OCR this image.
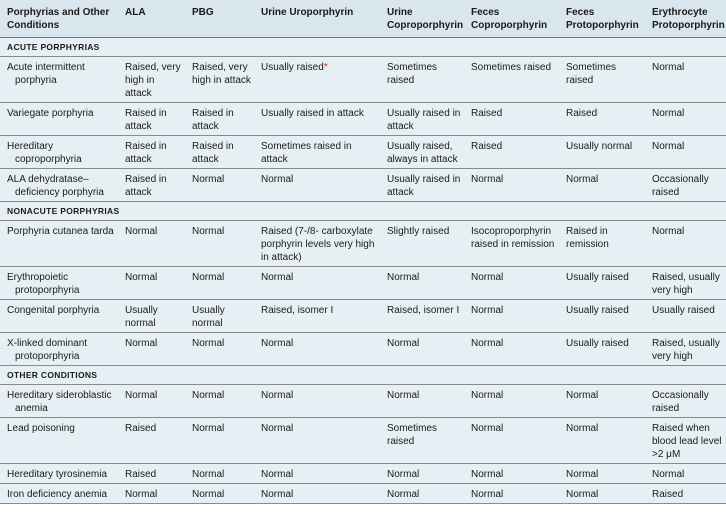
Porphyrias and Other Conditions	ALA	PBG	Urine Uroporphyrin	Urine Coproporphyrin	Feces Coproporphyrin	Feces Protoporphyrin	Erythrocyte Protoporphyrin
ACUTE PORPHYRIAS							

Acute intermittent porphyria	Raised, very high in attack	Raised, very high in attack	Usually raised*	Sometimes raised	Sometimes raised	Sometimes raised	Normal

Variegate porphyria	Raised in attack	Raised in attack	Usually raised in attack	Usually raised in attack	Raised	Raised	Normal

Hereditary coproporphyria	Raised in attack	Raised in attack	Sometimes raised in attack	Usually raised, always in attack	Raised	Usually normal	Normal

ALA dehydratase–deficiency porphyria	Raised in attack	Normal	Normal	Usually raised in attack	Normal	Normal	Occasionally raised
NONACUTE PORPHYRIAS							

Porphyria cutanea tarda	Normal	Normal	Raised (7-/8- carboxylate porphyrin levels very high in attack)	Slightly raised	Isocoproporphyrin raised in remission	Raised in remission	Normal

Erythropoietic protoporphyria	Normal	Normal	Normal	Normal	Normal	Usually raised	Raised, usually very high

Congenital porphyria	Usually normal	Usually normal	Raised, isomer I	Raised, isomer I	Normal	Usually raised	Usually raised

X-linked dominant protoporphyria	Normal	Normal	Normal	Normal	Normal	Usually raised	Raised, usually very high
OTHER CONDITIONS							

Hereditary sideroblastic anemia	Normal	Normal	Normal	Normal	Normal	Normal	Occasionally raised

Lead poisoning	Raised	Normal	Normal	Sometimes raised	Normal	Normal	Raised when blood lead level >2 μM

Hereditary tyrosinemia	Raised	Normal	Normal	Normal	Normal	Normal	Normal

Iron deficiency anemia	Normal	Normal	Normal	Normal	Normal	Normal	Raised
